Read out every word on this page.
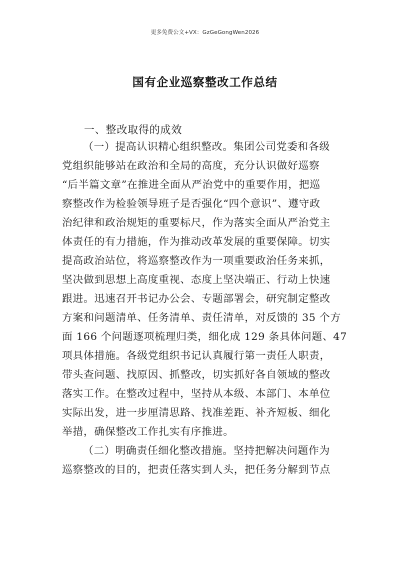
更多免费公文+VX：GzGeGongWen2026
国有企业巡察整改工作总结
一、整改取得的成效
（一）提高认识精心组织整改。集团公司党委和各级
党组织能够站在政治和全局的高度，充分认识做好巡察
“后半篇文章”在推进全面从严治党中的重要作用，把巡
察整改作为检验领导班子是否强化“四个意识”、遵守政
治纪律和政治规矩的重要标尺，作为落实全面从严治党主
体责任的有力措施，作为推动改革发展的重要保障。切实
提高政治站位，将巡察整改作为一项重要政治任务来抓，
坚决做到思想上高度重视、态度上坚决端正、行动上快速
跟进。迅速召开书记办公会、专题部署会，研究制定整改
方案和问题清单、任务清单、责任清单，对反馈的 35 个方
面 166 个问题逐项梳理归类，细化成 129 条具体问题、47
项具体措施。各级党组织书记认真履行第一责任人职责，
带头查问题、找原因、抓整改，切实抓好各自领域的整改
落实工作。在整改过程中，坚持从本级、本部门、本单位
实际出发，进一步厘清思路、找准差距、补齐短板、细化
举措，确保整改工作扎实有序推进。
（二）明确责任细化整改措施。坚持把解决问题作为
巡察整改的目的，把责任落实到人头，把任务分解到节点
